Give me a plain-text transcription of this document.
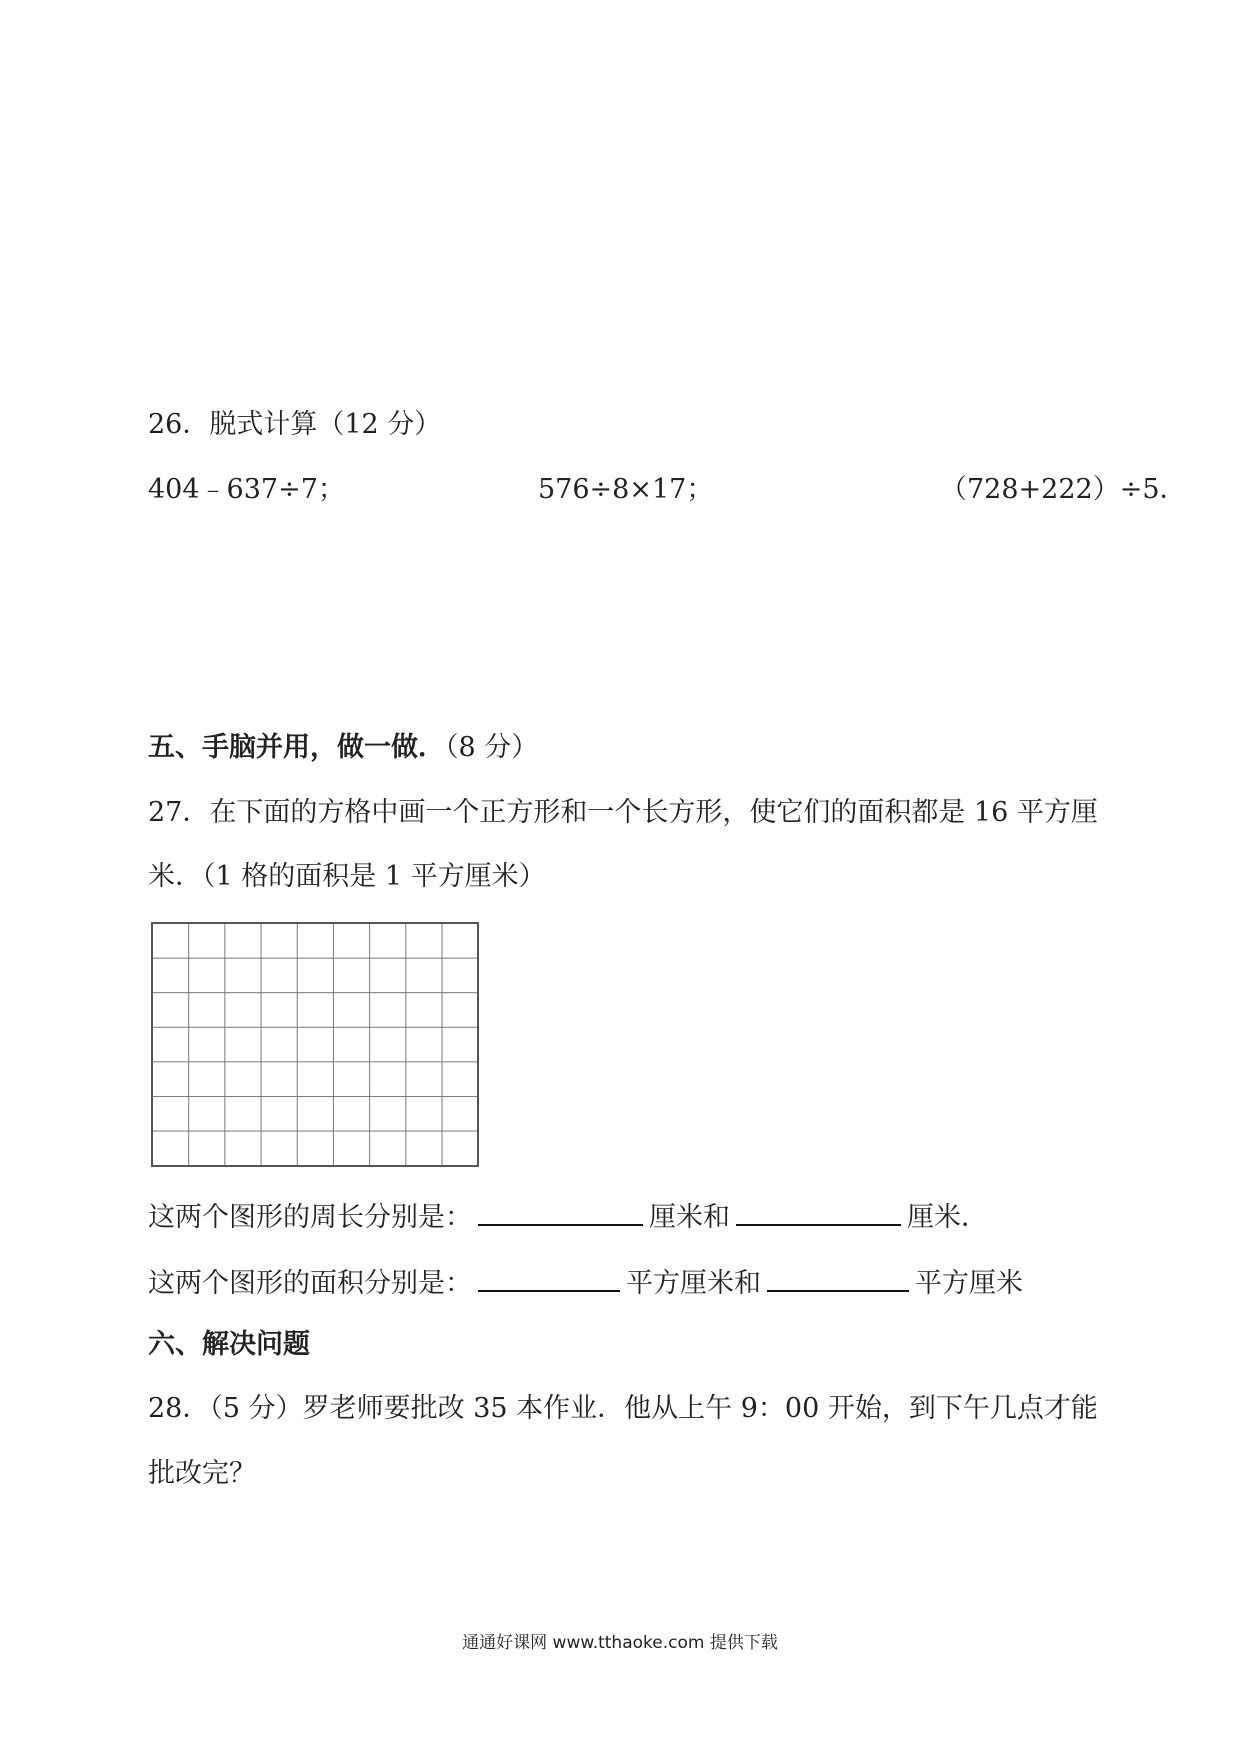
26．脱式计算（12 分）
404﹣637÷7；	576÷8×17；	（728+222）÷5．
五、手脑并用，做一做．（8 分）
27．在下面的方格中画一个正方形和一个长方形，使它们的面积都是 16 平方厘
米．（1 格的面积是 1 平方厘米）
这两个图形的周长分别是：	厘米和	厘米．
这两个图形的面积分别是：	平方厘米和	平方厘米
六、解决问题
28．（5 分）罗老师要批改 35 本作业．他从上午 9：00 开始，到下午几点才能
批改完？
通通好课网 www.tthaoke.com 提供下载
